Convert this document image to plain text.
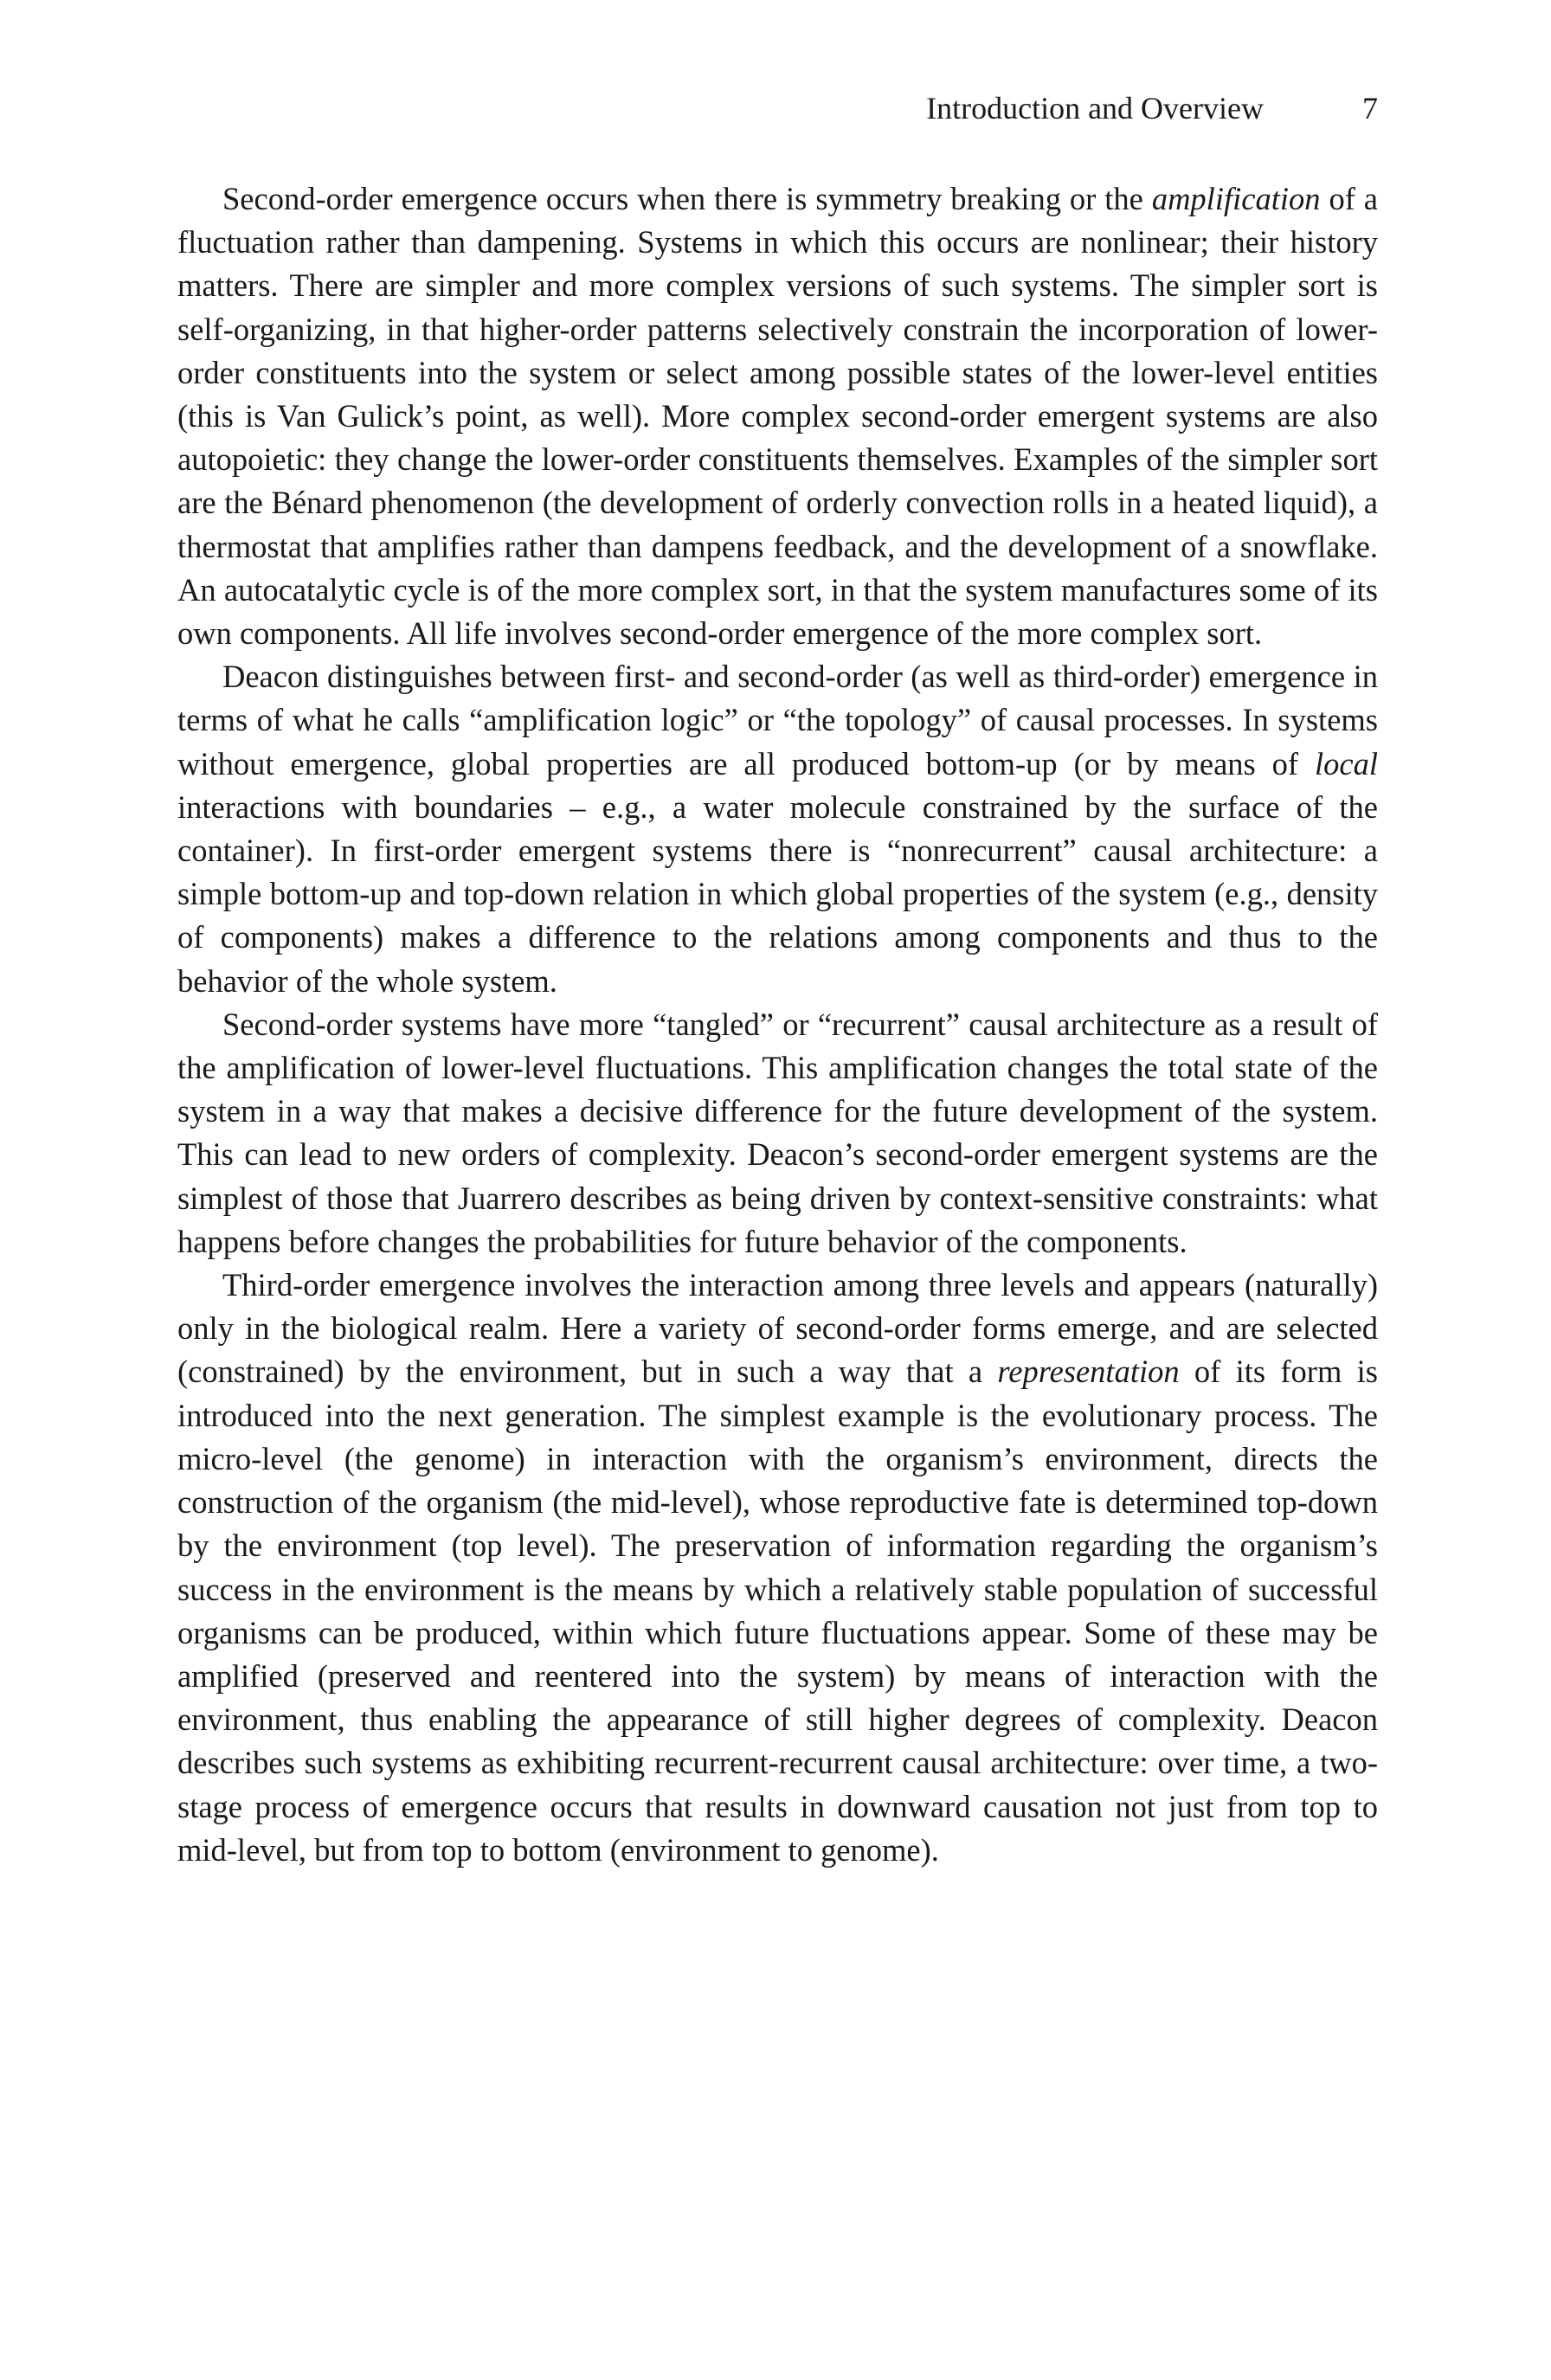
Introduction and Overview	7

Second-order emergence occurs when there is symmetry breaking or the amplification of a fluctuation rather than dampening. Systems in which this occurs are nonlinear; their history matters. There are simpler and more complex versions of such systems. The simpler sort is self-organizing, in that higher-order patterns selectively constrain the incorporation of lower-order constituents into the system or select among possible states of the lower-level entities (this is Van Gulick’s point, as well). More complex second-order emergent systems are also autopoietic: they change the lower-order constituents themselves. Examples of the simpler sort are the Bénard phenomenon (the development of orderly convection rolls in a heated liquid), a thermostat that amplifies rather than dampens feedback, and the development of a snowflake. An autocatalytic cycle is of the more complex sort, in that the system manufactures some of its own components. All life involves second-order emergence of the more complex sort.

Deacon distinguishes between first- and second-order (as well as third-order) emergence in terms of what he calls “amplification logic” or “the topology” of causal processes. In systems without emergence, global properties are all produced bottom-up (or by means of local interactions with boundaries – e.g., a water molecule constrained by the surface of the container). In first-order emergent systems there is “nonrecurrent” causal architecture: a simple bottom-up and top-down relation in which global properties of the system (e.g., density of components) makes a difference to the relations among components and thus to the behavior of the whole system.

Second-order systems have more “tangled” or “recurrent” causal architecture as a result of the amplification of lower-level fluctuations. This amplification changes the total state of the system in a way that makes a decisive difference for the future development of the system. This can lead to new orders of complexity. Deacon’s second-order emergent systems are the simplest of those that Juarrero describes as being driven by context-sensitive constraints: what happens before changes the probabilities for future behavior of the components.

Third-order emergence involves the interaction among three levels and appears (naturally) only in the biological realm. Here a variety of second-order forms emerge, and are selected (constrained) by the environment, but in such a way that a representation of its form is introduced into the next generation. The simplest example is the evolutionary process. The micro-level (the genome) in interaction with the organism’s environment, directs the construction of the organism (the mid-level), whose reproductive fate is determined top-down by the environment (top level). The preservation of information regarding the organism’s success in the environment is the means by which a relatively stable population of successful organisms can be produced, within which future fluctuations appear. Some of these may be amplified (preserved and reentered into the system) by means of interaction with the environment, thus enabling the appearance of still higher degrees of complexity. Deacon describes such systems as exhibiting recurrent-recurrent causal architecture: over time, a two-stage process of emergence occurs that results in downward causation not just from top to mid-level, but from top to bottom (environment to genome).
